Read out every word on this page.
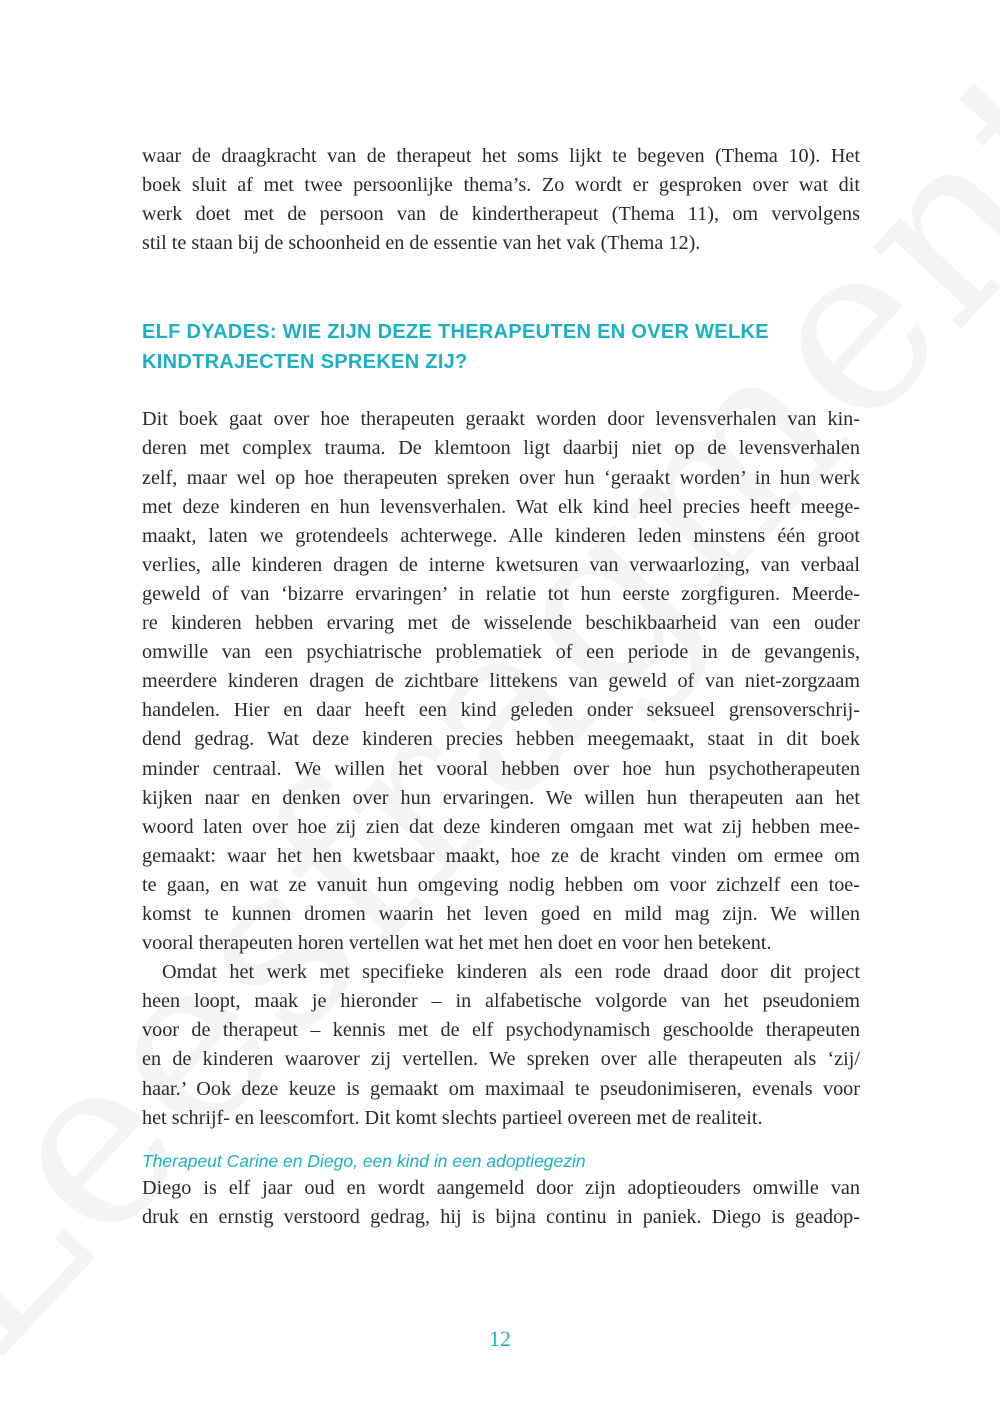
waar de draagkracht van de therapeut het soms lijkt te begeven (Thema 10). Het
boek sluit af met twee persoonlijke thema’s. Zo wordt er gesproken over wat dit
werk doet met de persoon van de kindertherapeut (Thema 11), om vervolgens
stil te staan bij de schoonheid en de essentie van het vak (Thema 12).
ELF DYADES: WIE ZIJN DEZE THERAPEUTEN EN OVER WELKE
KINDTRAJECTEN SPREKEN ZIJ?
Dit boek gaat over hoe therapeuten geraakt worden door levensverhalen van kin-
deren met complex trauma. De klemtoon ligt daarbij niet op de levensverhalen
zelf, maar wel op hoe therapeuten spreken over hun ‘geraakt worden’ in hun werk
met deze kinderen en hun levensverhalen. Wat elk kind heel precies heeft meege-
maakt, laten we grotendeels achterwege. Alle kinderen leden minstens één groot
verlies, alle kinderen dragen de interne kwetsuren van verwaarlozing, van verbaal
geweld of van ‘bizarre ervaringen’ in relatie tot hun eerste zorgfiguren. Meerde-
re kinderen hebben ervaring met de wisselende beschikbaarheid van een ouder
omwille van een psychiatrische problematiek of een periode in de gevangenis,
meerdere kinderen dragen de zichtbare littekens van geweld of van niet-zorgzaam
handelen. Hier en daar heeft een kind geleden onder seksueel grensoverschrij-
dend gedrag. Wat deze kinderen precies hebben meegemaakt, staat in dit boek
minder centraal. We willen het vooral hebben over hoe hun psychotherapeuten
kijken naar en denken over hun ervaringen. We willen hun therapeuten aan het
woord laten over hoe zij zien dat deze kinderen omgaan met wat zij hebben mee-
gemaakt: waar het hen kwetsbaar maakt, hoe ze de kracht vinden om ermee om
te gaan, en wat ze vanuit hun omgeving nodig hebben om voor zichzelf een toe-
komst te kunnen dromen waarin het leven goed en mild mag zijn. We willen
vooral therapeuten horen vertellen wat het met hen doet en voor hen betekent.
Omdat het werk met specifieke kinderen als een rode draad door dit project
heen loopt, maak je hieronder – in alfabetische volgorde van het pseudoniem
voor de therapeut – kennis met de elf psychodynamisch geschoolde therapeuten
en de kinderen waarover zij vertellen. We spreken over alle therapeuten als ‘zij/
haar.’ Ook deze keuze is gemaakt om maximaal te pseudonimiseren, evenals voor
het schrijf- en leescomfort. Dit komt slechts partieel overeen met de realiteit.
Therapeut Carine en Diego, een kind in een adoptiegezin
Diego is elf jaar oud en wordt aangemeld door zijn adoptieouders omwille van
druk en ernstig verstoord gedrag, hij is bijna continu in paniek. Diego is geadop-
12
